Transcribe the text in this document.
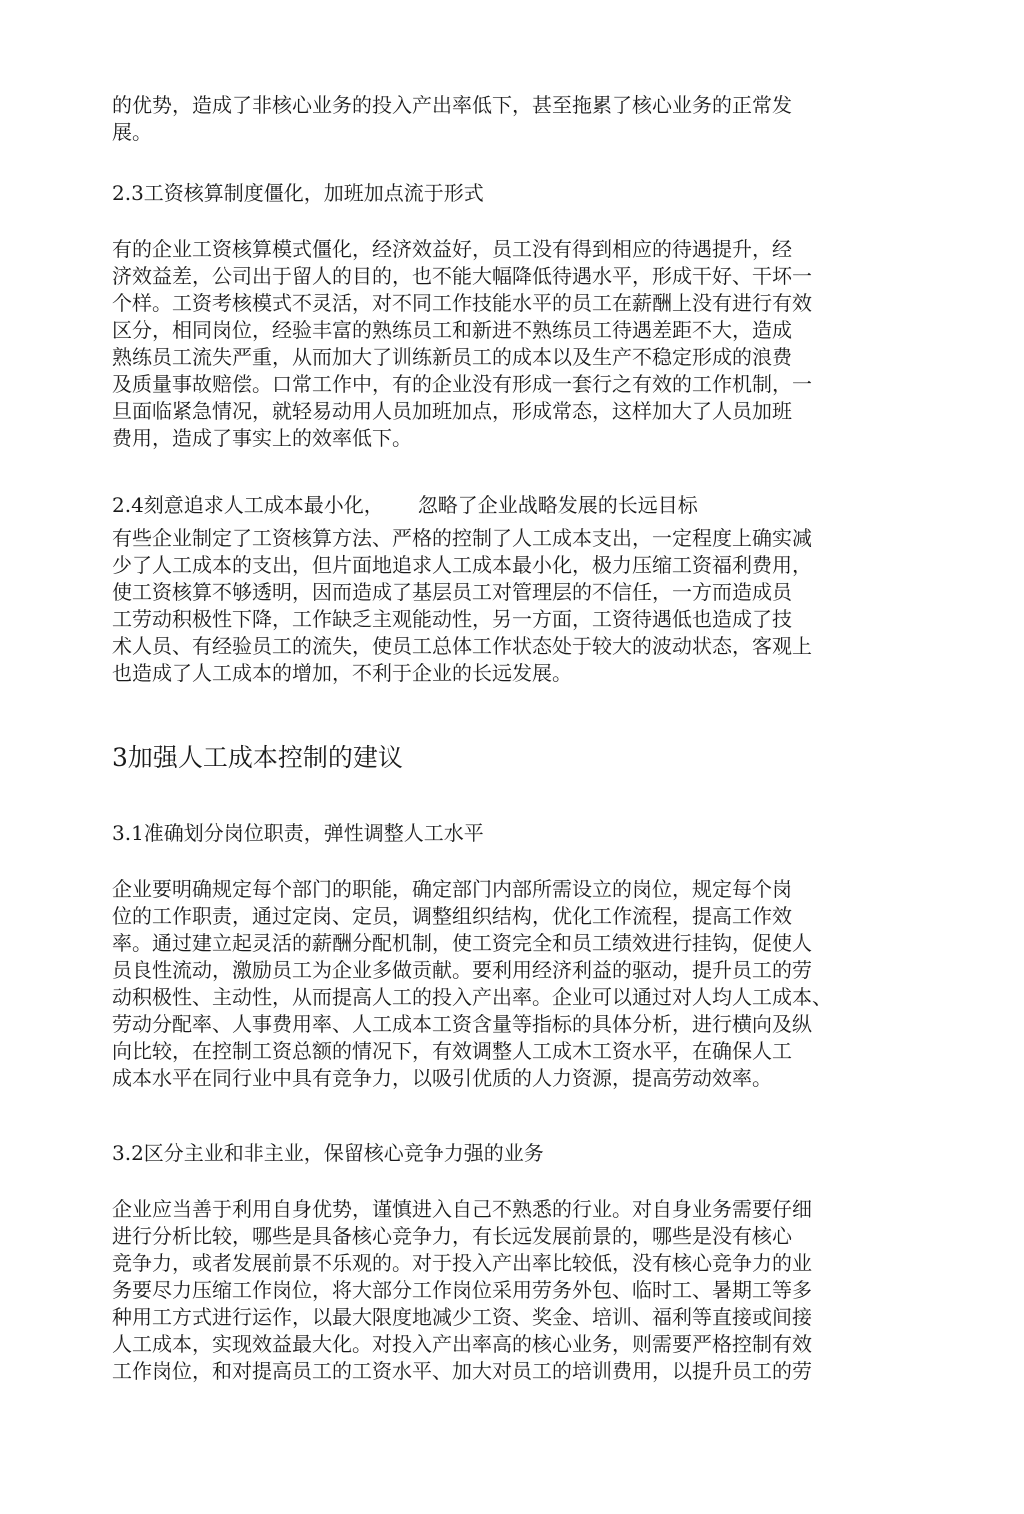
的优势，造成了非核心业务的投入产出率低下，甚至拖累了核心业务的正常发
展。
2.3工资核算制度僵化，加班加点流于形式
有的企业工资核算模式僵化，经济效益好，员工没有得到相应的待遇提升，经
济效益差，公司出于留人的目的，也不能大幅降低待遇水平，形成干好、干坏一
个样。工资考核模式不灵活，对不同工作技能水平的员工在薪酬上没有进行有效
区分，相同岗位，经验丰富的熟练员工和新进不熟练员工待遇差距不大，造成
熟练员工流失严重，从而加大了训练新员工的成本以及生产不稳定形成的浪费
及质量事故赔偿。口常工作中，有的企业没有形成一套行之有效的工作机制，一
旦面临紧急情况，就轻易动用人员加班加点，形成常态，这样加大了人员加班
费用，造成了事实上的效率低下。
2.4刻意追求人工成本最小化， 忽略了企业战略发展的长远目标
有些企业制定了工资核算方法、严格的控制了人工成本支出，一定程度上确实减
少了人工成本的支出，但片面地追求人工成本最小化，极力压缩工资福利费用，
使工资核算不够透明，因而造成了基层员工对管理层的不信任，一方而造成员
工劳动积极性下降，工作缺乏主观能动性，另一方面，工资待遇低也造成了技
术人员、有经验员工的流失，使员工总体工作状态处于较大的波动状态，客观上
也造成了人工成本的增加，不利于企业的长远发展。
3加强人工成本控制的建议
3.1准确划分岗位职责，弹性调整人工水平
企业要明确规定每个部门的职能，确定部门内部所需设立的岗位，规定每个岗
位的工作职责，通过定岗、定员，调整组织结构，优化工作流程，提高工作效
率。通过建立起灵活的薪酬分配机制，使工资完全和员工绩效进行挂钩，促使人
员良性流动，激励员工为企业多做贡献。要利用经济利益的驱动，提升员工的劳
动积极性、主动性，从而提高人工的投入产出率。企业可以通过对人均人工成本、
劳动分配率、人事费用率、人工成本工资含量等指标的具体分析，进行横向及纵
向比较，在控制工资总额的情况下，有效调整人工成木工资水平，在确保人工
成本水平在同行业中具有竞争力，以吸引优质的人力资源，提高劳动效率。
3.2区分主业和非主业，保留核心竞争力强的业务
企业应当善于利用自身优势，谨慎进入自己不熟悉的行业。对自身业务需要仔细
进行分析比较，哪些是具备核心竞争力，有长远发展前景的，哪些是没有核心
竞争力，或者发展前景不乐观的。对于投入产出率比较低，没有核心竞争力的业
务要尽力压缩工作岗位，将大部分工作岗位采用劳务外包、临时工、暑期工等多
种用工方式进行运作，以最大限度地减少工资、奖金、培训、福利等直接或间接
人工成本，实现效益最大化。对投入产出率高的核心业务，则需要严格控制有效
工作岗位，和对提高员工的工资水平、加大对员工的培训费用，以提升员工的劳
